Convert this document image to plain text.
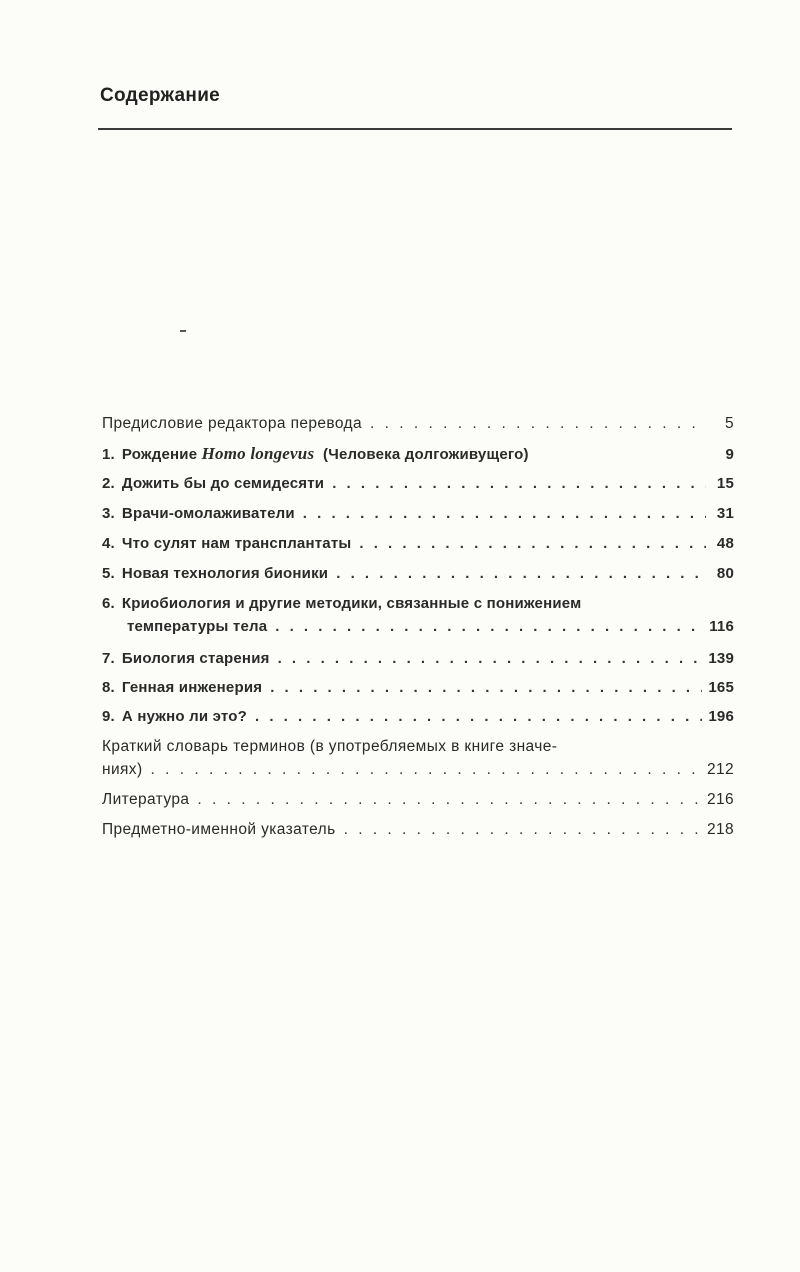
Содержание
Предисловие редактора перевода . . .	5
1. Рождение Homo longevus (Человека долгоживущего)	9
2. Дожить бы до семидесяти . . .	15
3. Врачи-омолаживатели . . .	31
4. Что сулят нам трансплантаты . . .	48
5. Новая технология бионики . . .	80
6. Криобиология и другие методики, связанные с понижением
температуры тела . . .	116
7. Биология старения . . .	139
8. Генная инженерия . . .	165
9. А нужно ли это? . . .	196
Краткий словарь терминов (в употребляемых в книге значе-
ниях) . . .	212
Литература . . .	216
Предметно-именной указатель . . .	218
